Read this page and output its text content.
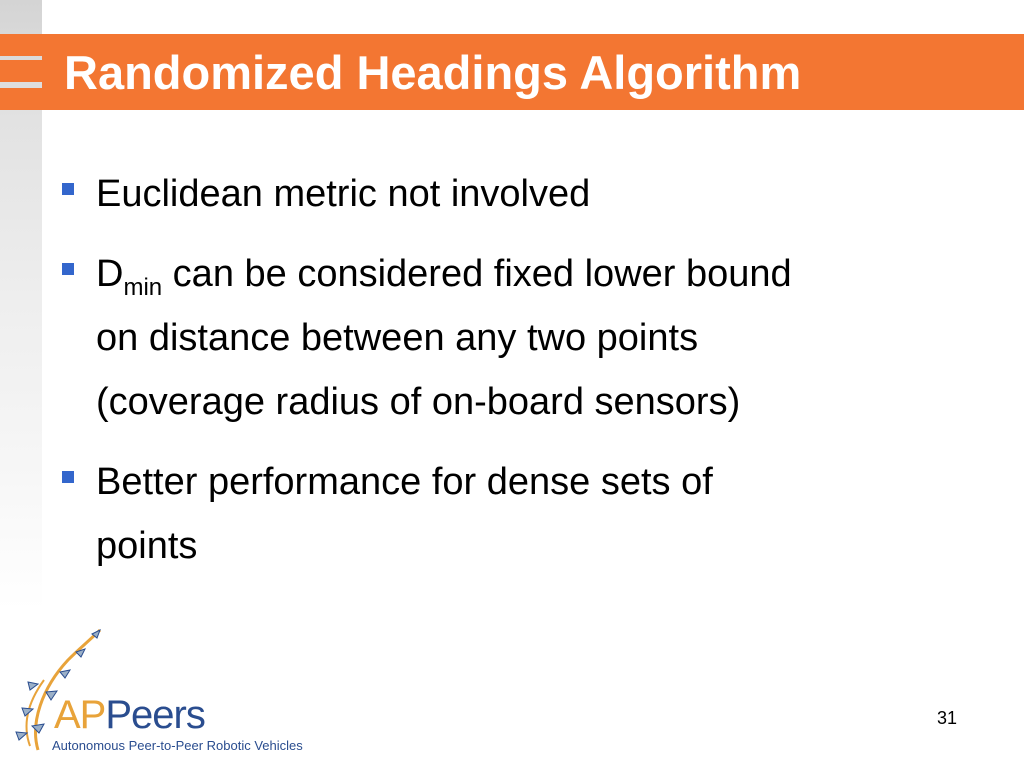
Randomized Headings Algorithm
Euclidean metric not involved
$D_{min}$ can be considered fixed lower bound
on distance between any two points
(coverage radius of on-board sensors)
Better performance for dense sets of
points
APPeers
Autonomous Peer-to-Peer Robotic Vehicles
31
